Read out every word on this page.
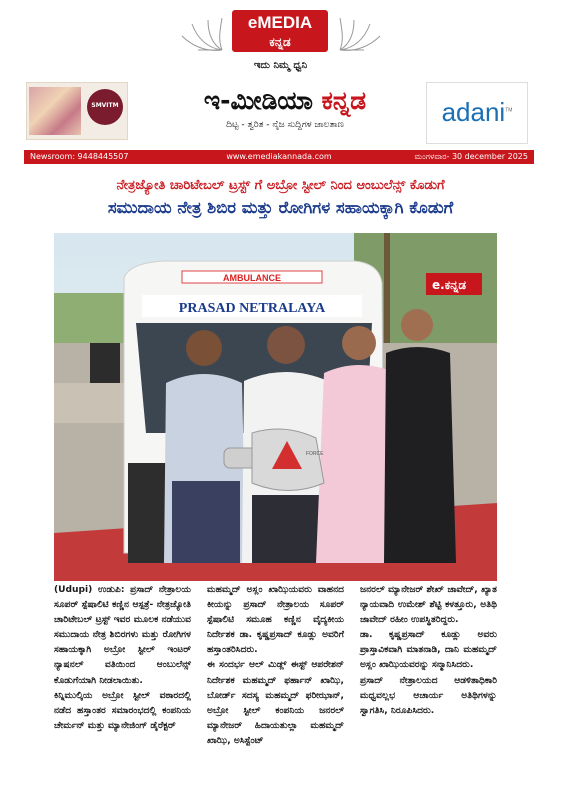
eMEDIA
ಕನ್ನಡ
ಇದು ನಿಮ್ಮ ಧ್ವನಿ
SMVITM	ಇ-ಮೀಡಿಯಾ ಕನ್ನಡ
ದಿಟ್ಟ - ತ್ವರಿತ - ನೈಜ ಸುದ್ದಿಗಳ ಜಾಲತಾಣ	adani™
www.emediakannada.com
Newsroom: 9448445507	ಮಂಗಳವಾರ- 30 december 2025
ನೇತ್ರಜ್ಯೋತಿ ಚಾರಿಟೇಬಲ್ ಟ್ರಸ್ಟ್ ಗೆ ಅಬ್ರೋ ಸ್ಟೀಲ್ ನಿಂದ ಆಂಬುಲೆನ್ಸ್ ಕೊಡುಗೆ
ಸಮುದಾಯ ನೇತ್ರ ಶಿಬಿರ ಮತ್ತು ರೋಗಿಗಳ ಸಹಾಯಕ್ಕಾಗಿ ಕೊಡುಗೆ
AMBULANCE
PRASAD NETRALAYA
FORCE
e.ಕನ್ನಡ

(Udupi) ಉಡುಪಿ: ಪ್ರಸಾದ್ ನೇತ್ರಾಲಯ ಸೂಪರ್ ಸ್ಪೆಷಾಲಿಟಿ ಕಣ್ಣಿನ ಆಸ್ಪತ್ರೆ- ನೇತ್ರಜ್ಯೋತಿ ಚಾರಿಟೇಬಲ್ ಟ್ರಸ್ಟ್ ಇವರ ಮೂಲಕ ನಡೆಯುವ ಸಮುದಾಯ ನೇತ್ರ ಶಿಬಿರಗಳು ಮತ್ತು ರೋಗಿಗಳ ಸಹಾಯಕ್ಕಾಗಿ ಅಬ್ರೋ ಸ್ಟೀಲ್ ಇಂಟರ್ ನ್ಯಾಷನಲ್ ವತಿಯಿಂದ ಆಂಬುಲೆನ್ಸ್ ಕೊಡುಗೆಯಾಗಿ ನೀಡಲಾಯಿತು.

ಕಿನ್ನಿಮುಲ್ಕಿಯ ಅಬ್ರೋ ಸ್ಟೀಲ್ ವಠಾರದಲ್ಲಿ ನಡೆದ ಹಸ್ತಾಂತರ ಸಮಾರಂಭದಲ್ಲಿ ಕಂಪನಿಯ ಚೇರ್ಮನ್ ಮತ್ತು ಮ್ಯಾನೇಜಿಂಗ್ ಡೈರೆಕ್ಟರ್

ಮಹಮ್ಮದ್ ಅಸ್ಲಂ ಖಾಝಿಯವರು ವಾಹನದ ಕೀಯನ್ನು ಪ್ರಸಾದ್ ನೇತ್ರಾಲಯ ಸೂಪರ್ ಸ್ಪೆಷಾಲಿಟಿ ಸಮೂಹ ಕಣ್ಣಿನ ವೈದ್ಯಕೀಯ ನಿರ್ದೇಶಕ ಡಾ. ಕೃಷ್ಣಪ್ರಸಾದ್ ಕೂಡ್ಲು ಅವರಿಗೆ ಹಸ್ತಾಂತರಿಸಿದರು.

ಈ ಸಂದರ್ಭ ಆಲ್ ಮಿಡ್ಲ್ ಈಸ್ಟ್ ಆಪರೇಶನ್ ನಿರ್ದೇಶಕ ಮಹಮ್ಮದ್ ಫರ್ಹಾನ್ ಖಾಝಿ, ಬೋರ್ಡ್ ಸದಸ್ಯ ಮಹಮ್ಮದ್ ಫರೀಝಾನ್, ಅಬ್ರೋ ಸ್ಟೀಲ್ ಕಂಪನಿಯ ಜನರಲ್ ಮ್ಯಾನೇಜರ್ ಹಿದಾಯತುಲ್ಲಾ ಮಹಮ್ಮದ್ ಖಾಝಿ, ಅಸಿಸ್ಟೆಂಟ್

ಜನರಲ್ ಮ್ಯಾನೇಜರ್ ಶೇಖ್ ಜಾವೇದ್, ಖ್ಯಾತ ನ್ಯಾಯವಾದಿ ಉಮೇಶ್ ಶೆಟ್ಟಿ ಕಳತ್ತೂರು, ಅತಿಥಿ ಜಾವೇದ್ ರಹೀಂ ಉಪಸ್ಥಿತರಿದ್ದರು.

ಡಾ. ಕೃಷ್ಣಪ್ರಸಾದ್ ಕೂಡ್ಲು ಅವರು ಪ್ರಾಸ್ತಾವಿಕವಾಗಿ ಮಾತನಾಡಿ, ದಾನಿ ಮಹಮ್ಮದ್ ಅಸ್ಲಂ ಖಾಝಿಯವರನ್ನು ಸನ್ಮಾನಿಸಿದರು.

ಪ್ರಸಾದ್ ನೇತ್ರಾಲಯದ ಆಡಳಿತಾಧಿಕಾರಿ ಮಧ್ವವಲ್ಲಭ ಆಚಾರ್ಯ ಅತಿಥಿಗಳನ್ನು ಸ್ವಾಗತಿಸಿ, ನಿರೂಪಿಸಿದರು.
